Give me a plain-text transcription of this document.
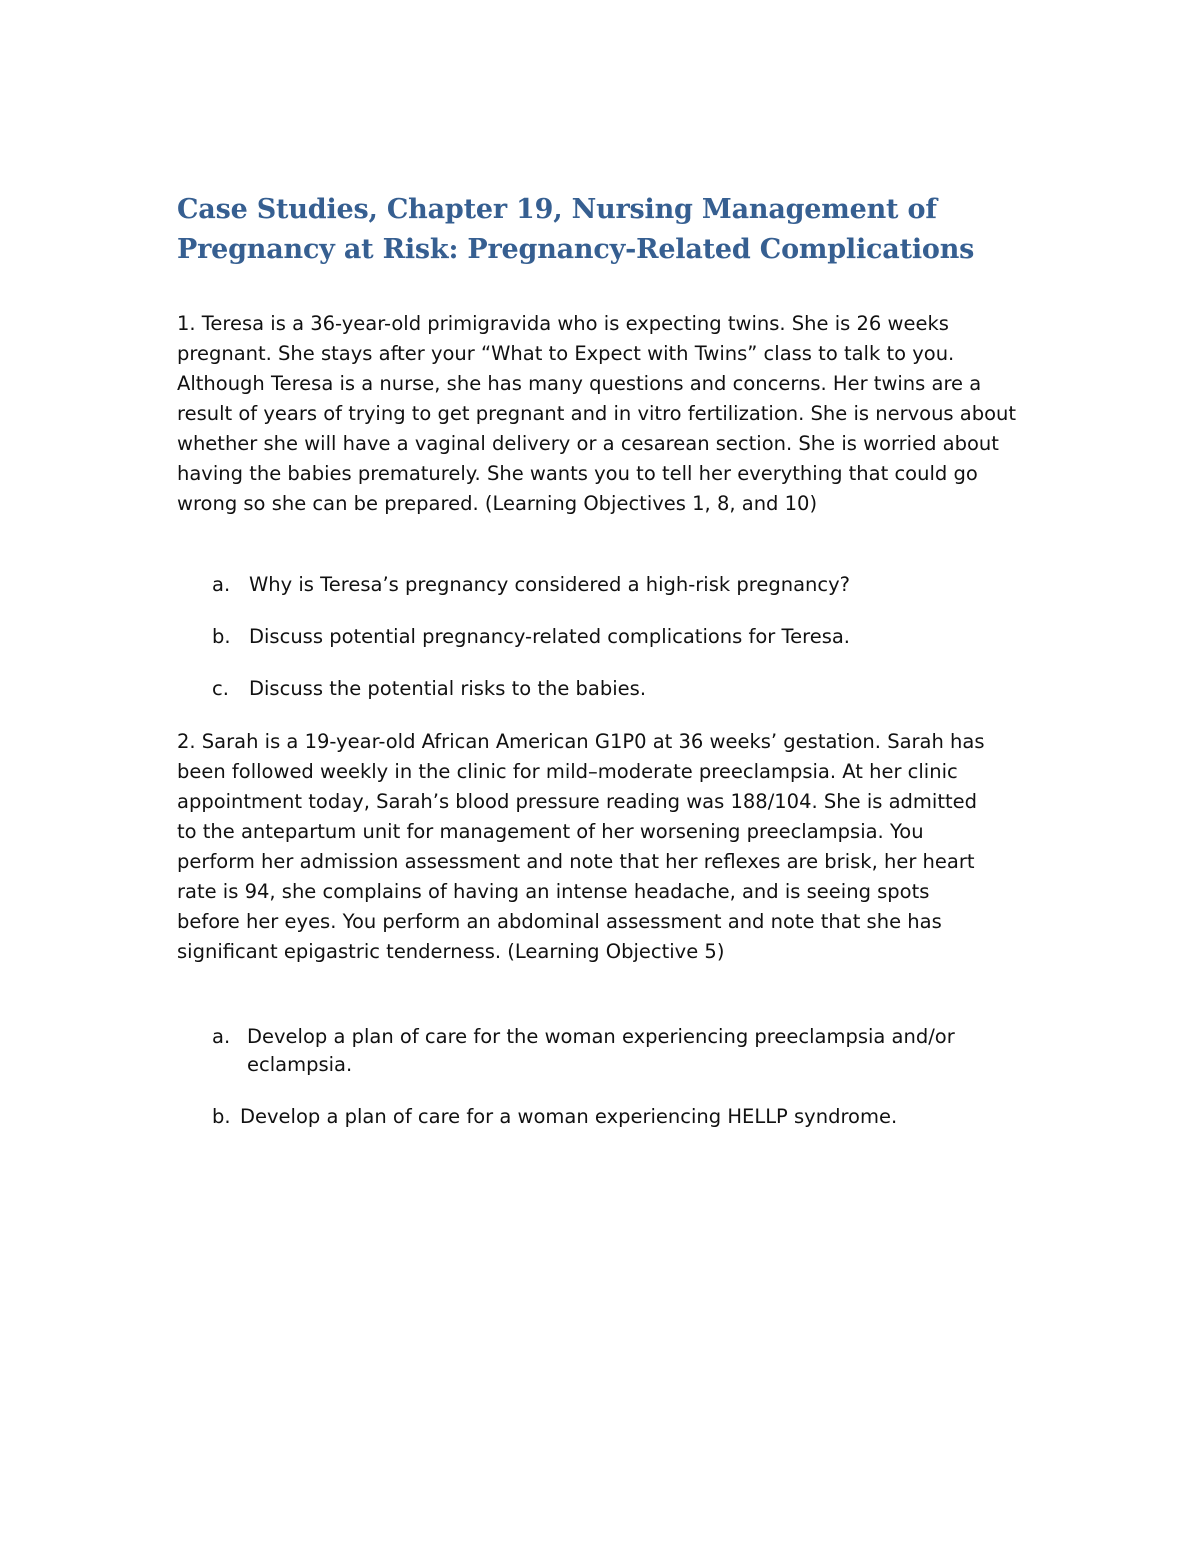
Case Studies, Chapter 19, Nursing Management of Pregnancy at Risk: Pregnancy-Related Complications

1. Teresa is a 36-year-old primigravida who is expecting twins. She is 26 weeks pregnant. She stays after your “What to Expect with Twins” class to talk to you. Although Teresa is a nurse, she has many questions and concerns. Her twins are a result of years of trying to get pregnant and in vitro fertilization. She is nervous about whether she will have a vaginal delivery or a cesarean section. She is worried about having the babies prematurely. She wants you to tell her everything that could go wrong so she can be prepared. (Learning Objectives 1, 8, and 10)

a. Why is Teresa’s pregnancy considered a high-risk pregnancy?
b. Discuss potential pregnancy-related complications for Teresa.
c.	Discuss the potential risks to the babies.

2. Sarah is a 19-year-old African American G1P0 at 36 weeks’ gestation. Sarah has been followed weekly in the clinic for mild–moderate preeclampsia. At her clinic appointment today, Sarah’s blood pressure reading was 188/104. She is admitted to the antepartum unit for management of her worsening preeclampsia. You perform her admission assessment and note that her reflexes are brisk, her heart rate is 94, she complains of having an intense headache, and is seeing spots before her eyes. You perform an abdominal assessment and note that she has significant epigastric tenderness. (Learning Objective 5)

a. Develop a plan of care for the woman experiencing preeclampsia and/or eclampsia.
b. Develop a plan of care for a woman experiencing HELLP syndrome.
